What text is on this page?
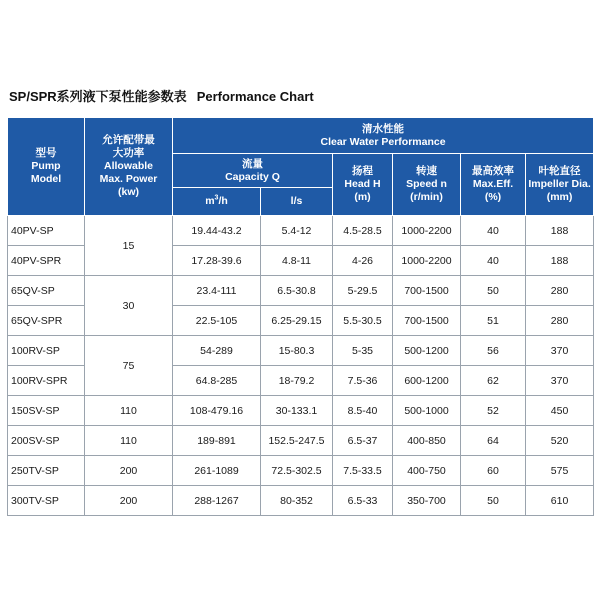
SP/SPR系列液下泵性能参数表 Performance Chart
型号
Pump
Model	允许配带最
大功率
Allowable
Max. Power
(kw)	清水性能
Clear Water Performance					

		流量
Capacity Q		扬程
Head H
(m)	转速
Speed n
(r/min)	最高效率
Max.Eff.
(%)	叶轮直径
Impeller Dia.
(mm)

		$m^3/h$	l/s				
40PV-SP	15	19.44-43.2	5.4-12	4.5-28.5	1000-2200	40	188
40PV-SPR		17.28-39.6	4.8-11	4-26	1000-2200	40	188
65QV-SP	30	23.4-111	6.5-30.8	5-29.5	700-1500	50	280
65QV-SPR		22.5-105	6.25-29.15	5.5-30.5	700-1500	51	280
100RV-SP	75	54-289	15-80.3	5-35	500-1200	56	370
100RV-SPR		64.8-285	18-79.2	7.5-36	600-1200	62	370
150SV-SP	110	108-479.16	30-133.1	8.5-40	500-1000	52	450
200SV-SP	110	189-891	152.5-247.5	6.5-37	400-850	64	520
250TV-SP	200	261-1089	72.5-302.5	7.5-33.5	400-750	60	575
300TV-SP	200	288-1267	80-352	6.5-33	350-700	50	610
